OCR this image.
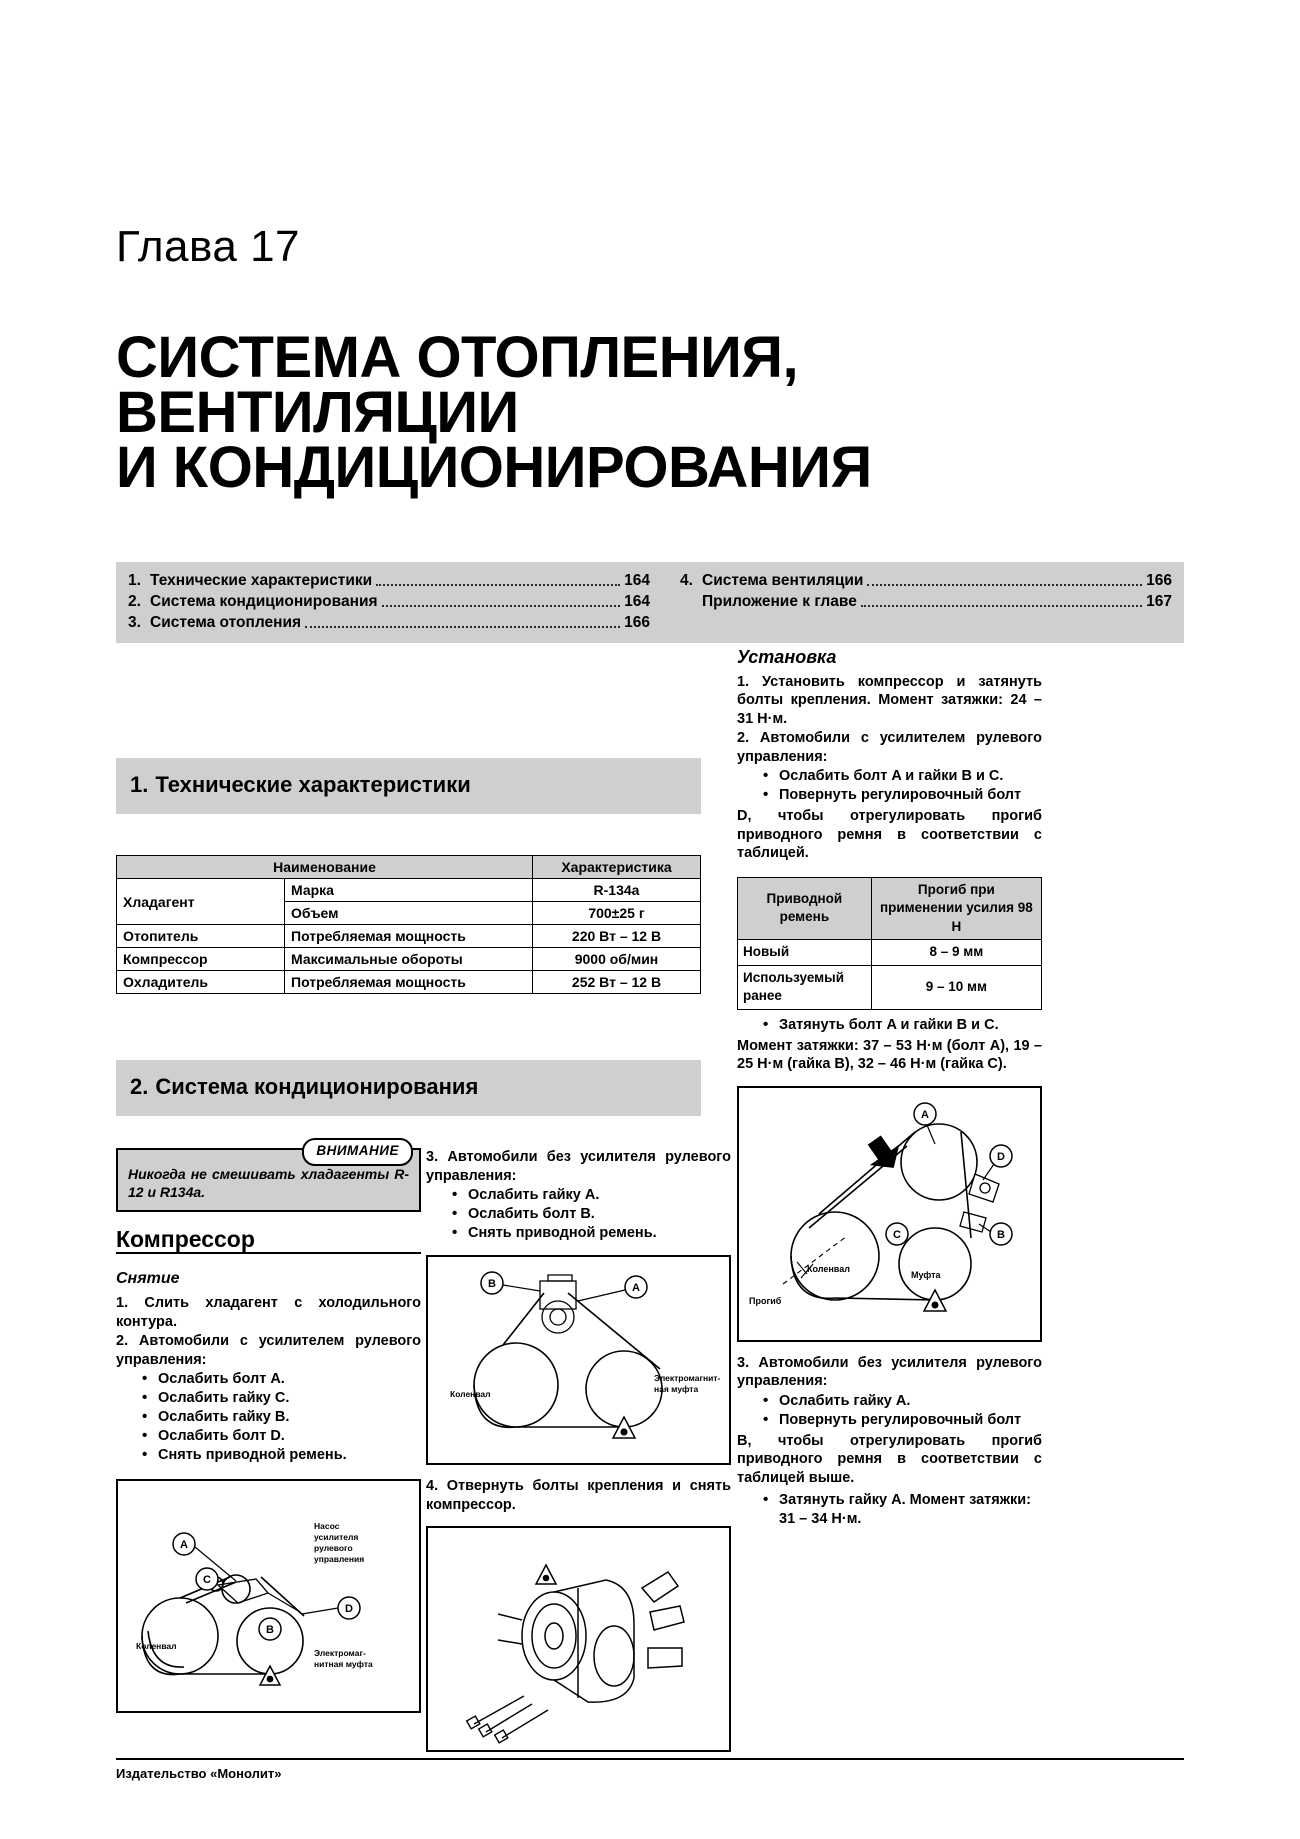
Глава 17
СИСТЕМА ОТОПЛЕНИЯ,
ВЕНТИЛЯЦИИ
И КОНДИЦИОНИРОВАНИЯ
1. Технические характеристики	164
2. Система кондиционирования	164
3. Система отопления	166
4. Система вентиляции	166
Приложение к главе	167
1. Технические характеристики
Наименование		Характеристика
Хладагент	Марка	R-134a
	Объем	700±25 г
Отопитель	Потребляемая мощность	220 Вт – 12 В
Компрессор	Максимальные обороты	9000 об/мин
Охладитель	Потребляемая мощность	252 Вт – 12 В
2. Система кондиционирования
ВНИМАНИЕ
Никогда не смешивать хладагенты R-12 и R134a.
Компрессор
Снятие

1. Слить хладагент с холодильного контура.

2. Автомобили с усилителем рулевого управления:

• Ослабить болт A.
• Ослабить гайку C.
• Ослабить гайку B.
• Ослабить болт D.
• Снять приводной ремень.
A
C
D
B
Насос
усилителя
рулевого
управления
Коленвал
Электромаг-
нитная муфта

3. Автомобили без усилителя рулевого управления:

• Ослабить гайку A.
• Ослабить болт B.
• Снять приводной ремень.
B	A
Коленвал
Электромагнит-
ная муфта

4. Отвернуть болты крепления и снять компрессор.

Установка

1. Установить компрессор и затянуть болты крепления. Момент затяжки: 24 – 31 Н·м.

2. Автомобили с усилителем рулевого управления:

• Ослабить болт A и гайки B и C.
• Повернуть регулировочный болт

D, чтобы отрегулировать прогиб приводного ремня в соответствии с таблицей.

Приводной ремень	Прогиб при применении усилия 98 Н
Новый	8 – 9 мм
Используемый ранее	9 – 10 мм
• Затянуть болт A и гайки B и C.

Момент затяжки: 37 – 53 Н·м (болт A), 19 – 25 Н·м (гайка B), 32 – 46 Н·м (гайка C).

A
D
C	B
Коленвал
Муфта
Прогиб

3. Автомобили без усилителя рулевого управления:

• Ослабить гайку A.
• Повернуть регулировочный болт

B, чтобы отрегулировать прогиб приводного ремня в соответствии с таблицей выше.

• Затянуть гайку A. Момент затяжки: 31 – 34 Н·м.
Издательство «Монолит»
